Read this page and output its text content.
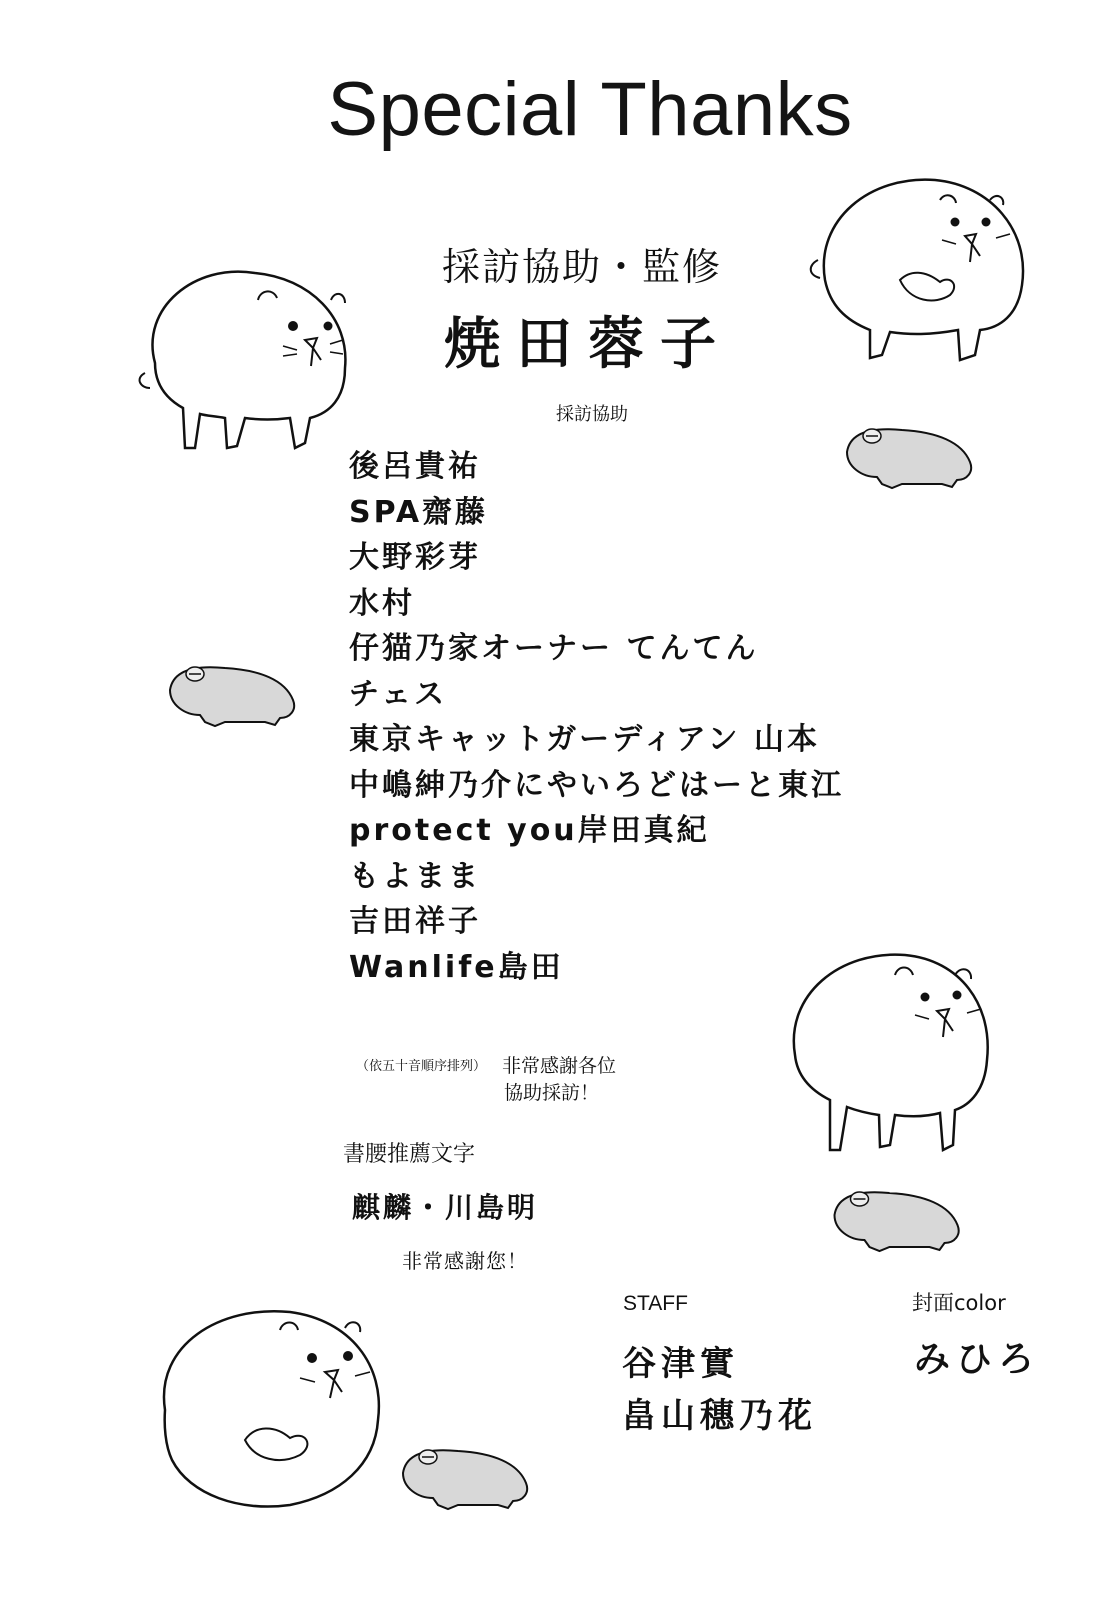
Special Thanks
採訪協助・監修
焼田蓉子
採訪協助
後呂貴祐
SPA齋藤
大野彩芽
水村
仔猫乃家オーナー てんてん
チェス
東京キャットガーディアン 山本
中嶋紳乃介にやいろどはーと東江
protect you岸田真紀
もよまま
吉田祥子
Wanlife島田
（依五十音順序排列） 非常感謝各位
協助採訪！
書腰推薦文字
麒麟・川島明
非常感謝您！
STAFF
谷津實
畠山穗乃花
封面color
みひろ
